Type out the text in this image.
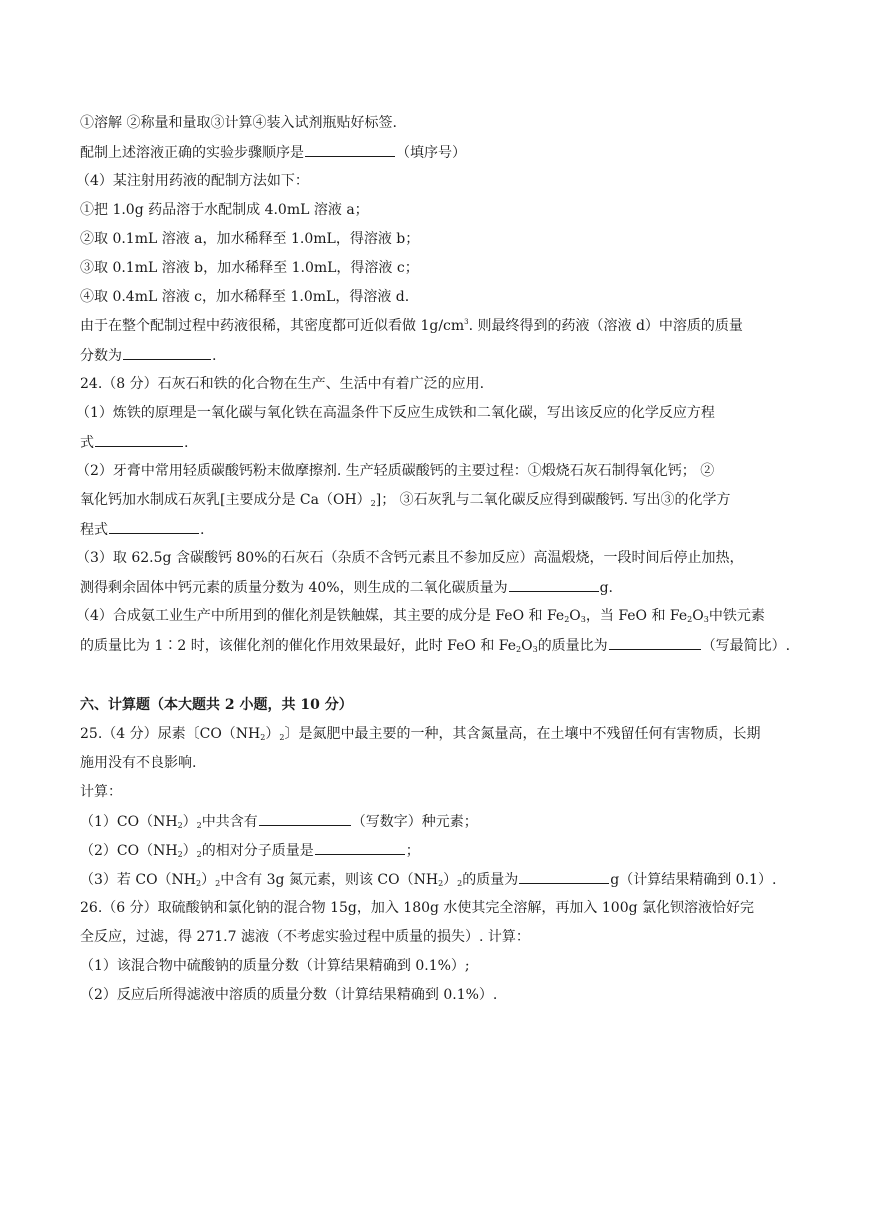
①溶解 ②称量和量取③计算④装入试剂瓶贴好标签.
配制上述溶液正确的实验步骤顺序是	（填序号）
（4）某注射用药液的配制方法如下：
①把 1.0g 药品溶于水配制成 4.0mL 溶液 a；
②取 0.1mL 溶液 a，加水稀释至 1.0mL，得溶液 b；
③取 0.1mL 溶液 b，加水稀释至 1.0mL，得溶液 c；
④取 0.4mL 溶液 c，加水稀释至 1.0mL，得溶液 d.
由于在整个配制过程中药液很稀，其密度都可近似看做 $1g/cm^3$. 则最终得到的药液（溶液 d）中溶质的质量
分数为	.
24.（8 分）石灰石和铁的化合物在生产、生活中有着广泛的应用.
（1）炼铁的原理是一氧化碳与氧化铁在高温条件下反应生成铁和二氧化碳，写出该反应的化学反应方程
式	.
（2）牙膏中常用轻质碳酸钙粉末做摩擦剂. 生产轻质碳酸钙的主要过程：①煅烧石灰石制得氧化钙； ②
氧化钙加水制成石灰乳[主要成分是 $Ca(OH)_2$]； ③石灰乳与二氧化碳反应得到碳酸钙. 写出③的化学方
程式	.
（3）取 62.5g 含碳酸钙 80%的石灰石（杂质不含钙元素且不参加反应）高温煅烧，一段时间后停止加热，
测得剩余固体中钙元素的质量分数为 40%，则生成的二氧化碳质量为	g.
（4）合成氨工业生产中所用到的催化剂是铁触媒，其主要的成分是 FeO 和 $Fe_2O_3$，当 FeO 和 $Fe_2O_3$中铁元素
的质量比为 1∶2 时，该催化剂的催化作用效果最好，此时 FeO 和 $Fe_2O_3$的质量比为	（写最简比）.
六、计算题（本大题共 2 小题，共 10 分）
25.（4 分）尿素〔$CO(NH_2)_2$〕是氮肥中最主要的一种，其含氮量高，在土壤中不残留任何有害物质，长期
施用没有不良影响.
计算：
$(1)CO(NH_2)_2$中共含有	（写数字）种元素；
$(2)CO(NH_2)_2$的相对分子质量是	；
（3）若 $CO(NH_2)_2$中含有 3g 氮元素，则该 $CO(NH_2)_2$的质量为	g（计算结果精确到 0.1）.
26.（6 分）取硫酸钠和氯化钠的混合物 15g，加入 180g 水使其完全溶解，再加入 100g 氯化钡溶液恰好完
全反应，过滤，得 271.7 滤液（不考虑实验过程中质量的损失）. 计算：
（1）该混合物中硫酸钠的质量分数（计算结果精确到 0.1%）;
（2）反应后所得滤液中溶质的质量分数（计算结果精确到 0.1%）.
